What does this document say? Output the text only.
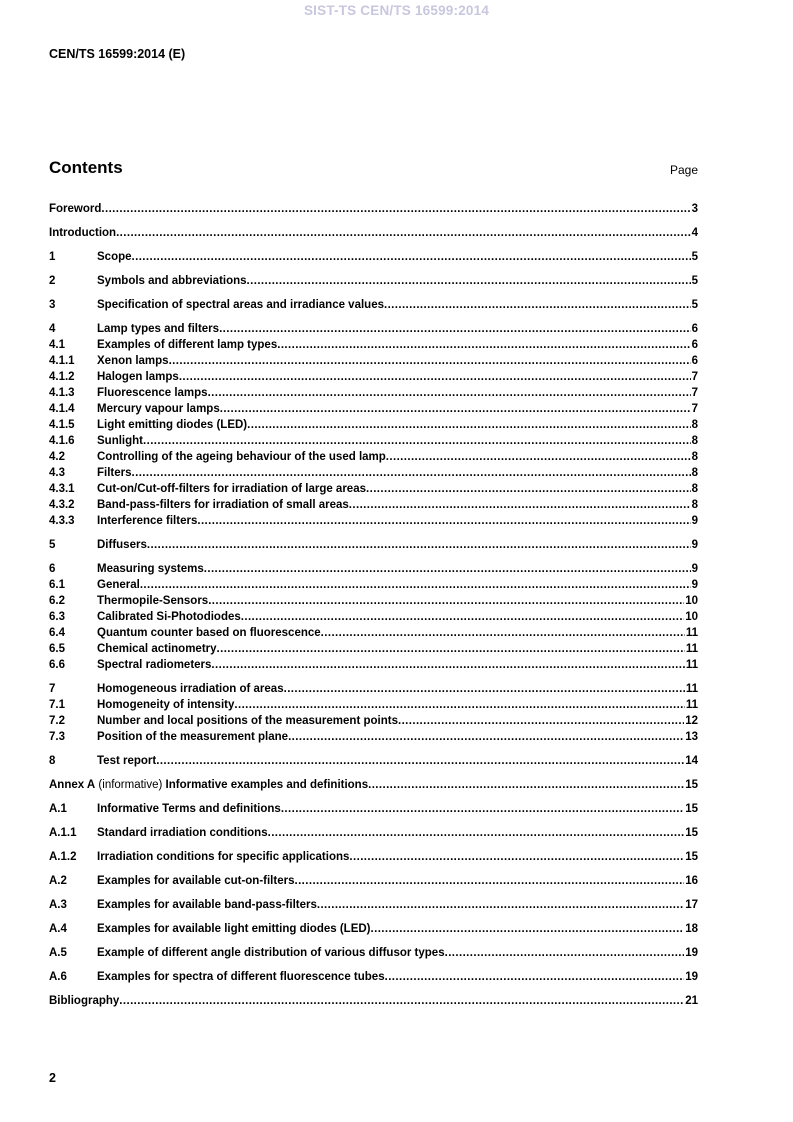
SIST-TS CEN/TS 16599:2014
CEN/TS 16599:2014 (E)
Contents	Page
Foreword .....	3
Introduction .....	4
1	Scope .....	5
2	Symbols and abbreviations .....	5
3	Specification of spectral areas and irradiance values .....	5
4	Lamp types and filters .....	6
4.1	Examples of different lamp types .....	6
4.1.1	Xenon lamps .....	6
4.1.2	Halogen lamps .....	7
4.1.3	Fluorescence lamps .....	7
4.1.4	Mercury vapour lamps .....	7
4.1.5	Light emitting diodes (LED) .....	8
4.1.6	Sunlight .....	8
4.2	Controlling of the ageing behaviour of the used lamp .....	8
4.3	Filters .....	8
4.3.1	Cut-on/Cut-off-filters for irradiation of large areas .....	8
4.3.2	Band-pass-filters for irradiation of small areas .....	8
4.3.3	Interference filters .....	9
5	Diffusers .....	9
6	Measuring systems .....	9
6.1	General .....	9
6.2	Thermopile-Sensors .....	10
6.3	Calibrated Si-Photodiodes .....	10
6.4	Quantum counter based on fluorescence .....	11
6.5	Chemical actinometry .....	11
6.6	Spectral radiometers .....	11
7	Homogeneous irradiation of areas .....	11
7.1	Homogeneity of intensity .....	11
7.2	Number and local positions of the measurement points .....	12
7.3	Position of the measurement plane .....	13
8	Test report .....	14
Annex A (informative) Informative examples and definitions .....	15
A.1	Informative Terms and definitions .....	15
A.1.1	Standard irradiation conditions .....	15
A.1.2	Irradiation conditions for specific applications .....	15
A.2	Examples for available cut-on-filters .....	16
A.3	Examples for available band-pass-filters .....	17
A.4	Examples for available light emitting diodes (LED) .....	18
A.5	Example of different angle distribution of various diffusor types .....	19
A.6	Examples for spectra of different fluorescence tubes .....	19
Bibliography .....	21
2
